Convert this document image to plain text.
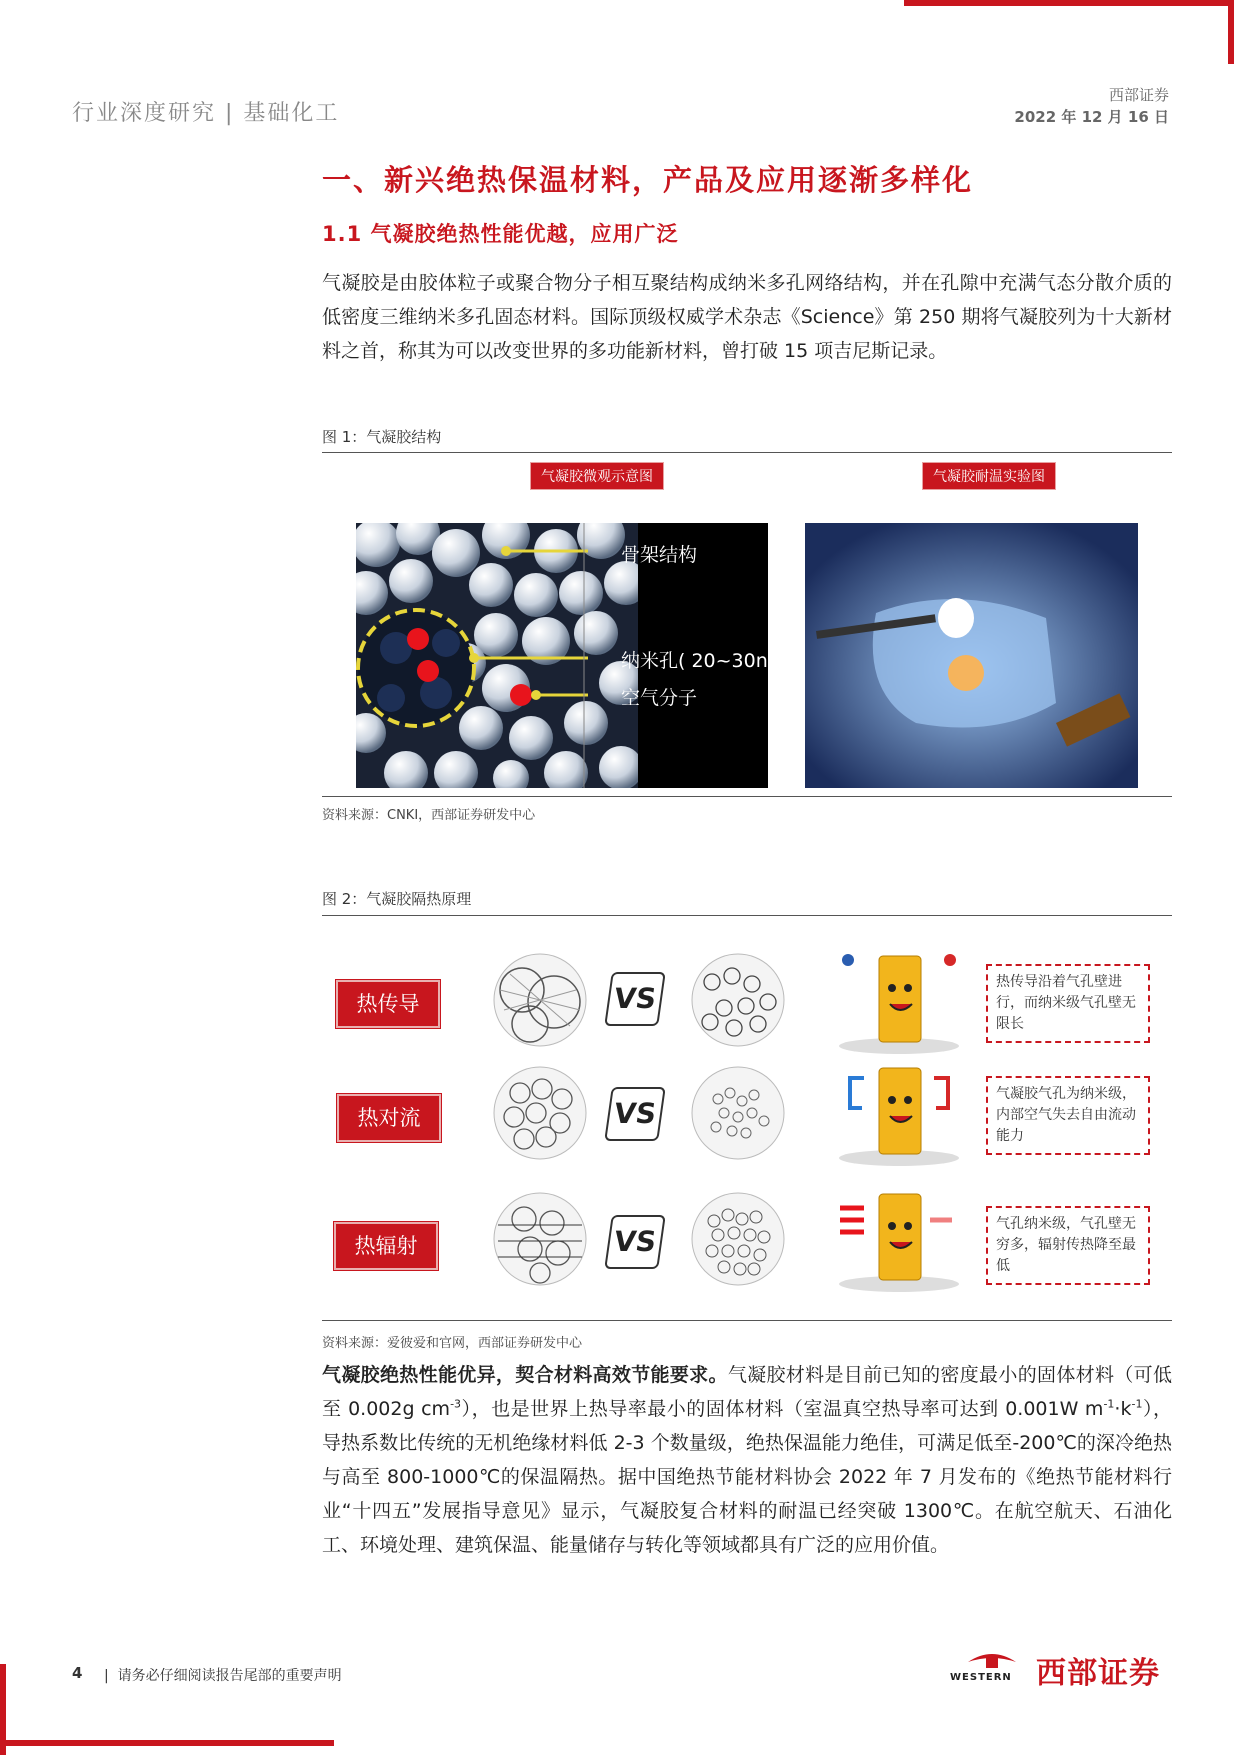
行业深度研究 | 基础化工
西部证券
2022 年 12 月 16 日
一、新兴绝热保温材料，产品及应用逐渐多样化
1.1 气凝胶绝热性能优越，应用广泛
气凝胶是由胶体粒子或聚合物分子相互聚结构成纳米多孔网络结构，并在孔隙中充满气态分散介质的低密度三维纳米多孔固态材料。国际顶级权威学术杂志《Science》第 250 期将气凝胶列为十大新材料之首，称其为可以改变世界的多功能新材料，曾打破 15 项吉尼斯记录。
图 1：气凝胶结构
气凝胶微观示意图	气凝胶耐温实验图
骨架结构
纳米孔( 20~30nm )
空气分子
资料来源：CNKI，西部证券研发中心
图 2：气凝胶隔热原理
热传导	VS	热传导沿着气孔壁进行，而纳米级气孔壁无限长
热对流	VS
气凝胶气孔为纳米级，内部空气失去自由流动能力
热辐射	VS
气孔纳米级，气孔壁无穷多，辐射传热降至最低
资料来源：爱彼爱和官网，西部证券研发中心
气凝胶绝热性能优异，契合材料高效节能要求。气凝胶材料是目前已知的密度最小的固体材料（可低至 0.002g $cm^{-3}$），也是世界上热导率最小的固体材料（室温真空热导率可达到 0.001W $m^{-1}\cdot k^{-1}$），导热系数比传统的无机绝缘材料低 2-3 个数量级，绝热保温能力绝佳，可满足低至-200℃的深冷绝热与高至 800-1000℃的保温隔热。据中国绝热节能材料协会 2022 年 7 月发布的《绝热节能材料行业“十四五”发展指导意见》显示，气凝胶复合材料的耐温已经突破 1300℃。在航空航天、石油化工、环境处理、建筑保温、能量储存与转化等领域都具有广泛的应用价值。
4 |  请务必仔细阅读报告尾部的重要声明	WESTERN 西部证券
